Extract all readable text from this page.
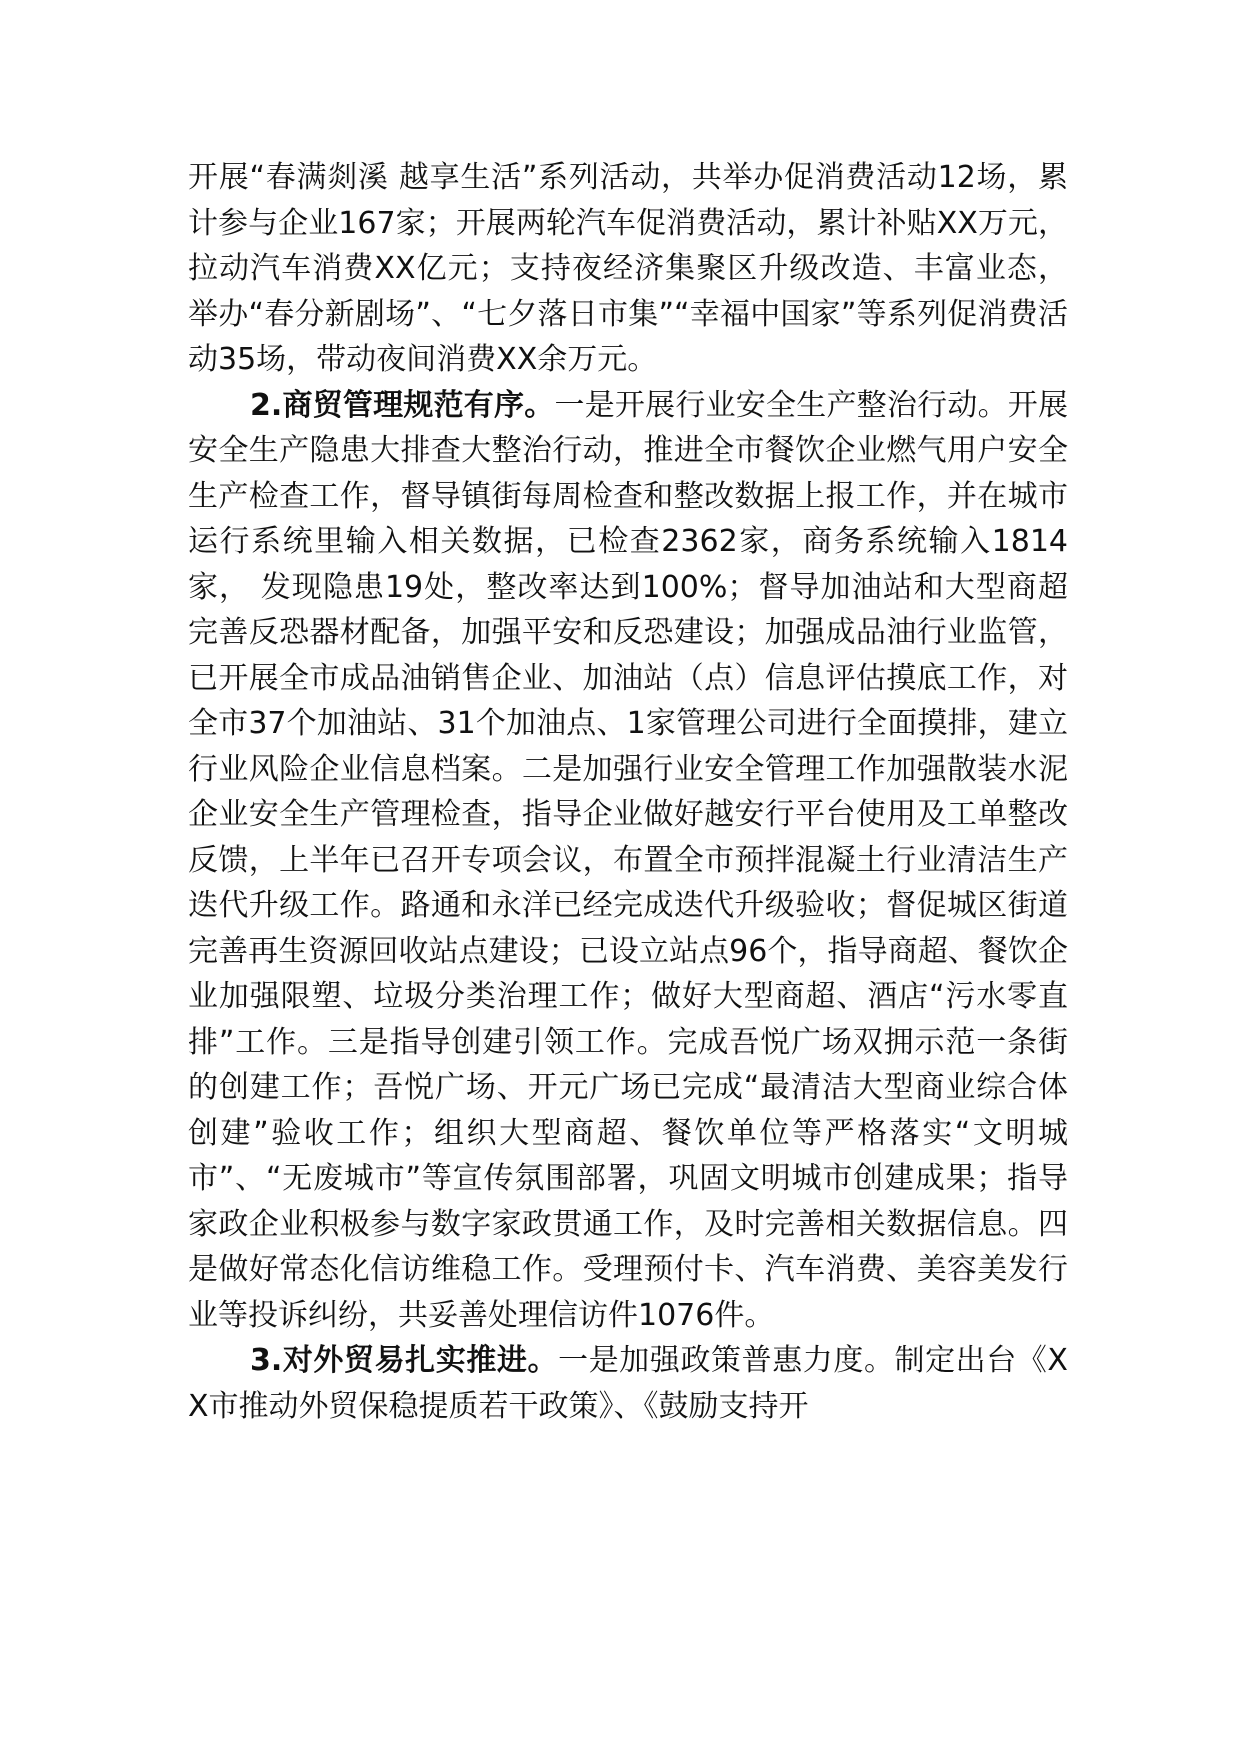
开展“春满剡溪 越享生活”系列活动，共举办促消费活动12场，累计参与企业167家；开展两轮汽车促消费活动，累计补贴XX万元，拉动汽车消费XX亿元；支持夜经济集聚区升级改造、丰富业态，举办“春分新剧场”、“七夕落日市集”“幸福中国家”等系列促消费活动35场，带动夜间消费XX余万元。

2.商贸管理规范有序。一是开展行业安全生产整治行动。开展安全生产隐患大排查大整治行动，推进全市餐饮企业燃气用户安全生产检查工作，督导镇街每周检查和整改数据上报工作，并在城市运行系统里输入相关数据，已检查2362家，商务系统输入1814家， 发现隐患19处，整改率达到100%；督导加油站和大型商超完善反恐器材配备，加强平安和反恐建设；加强成品油行业监管，已开展全市成品油销售企业、加油站（点）信息评估摸底工作，对全市37个加油站、31个加油点、1家管理公司进行全面摸排，建立行业风险企业信息档案。二是加强行业安全管理工作加强散装水泥企业安全生产管理检查，指导企业做好越安行平台使用及工单整改反馈，上半年已召开专项会议，布置全市预拌混凝土行业清洁生产迭代升级工作。路通和永洋已经完成迭代升级验收；督促城区街道完善再生资源回收站点建设；已设立站点96个，指导商超、餐饮企业加强限塑、垃圾分类治理工作；做好大型商超、酒店“污水零直排”工作。三是指导创建引领工作。完成吾悦广场双拥示范一条街的创建工作；吾悦广场、开元广场已完成“最清洁大型商业综合体创建”验收工作；组织大型商超、餐饮单位等严格落实“文明城市”、“无废城市”等宣传氛围部署，巩固文明城市创建成果；指导家政企业积极参与数字家政贯通工作，及时完善相关数据信息。四是做好常态化信访维稳工作。受理预付卡、汽车消费、美容美发行业等投诉纠纷，共妥善处理信访件1076件。

3.对外贸易扎实推进。一是加强政策普惠力度。制定出台《XX市推动外贸保稳提质若干政策》、《鼓励支持开
